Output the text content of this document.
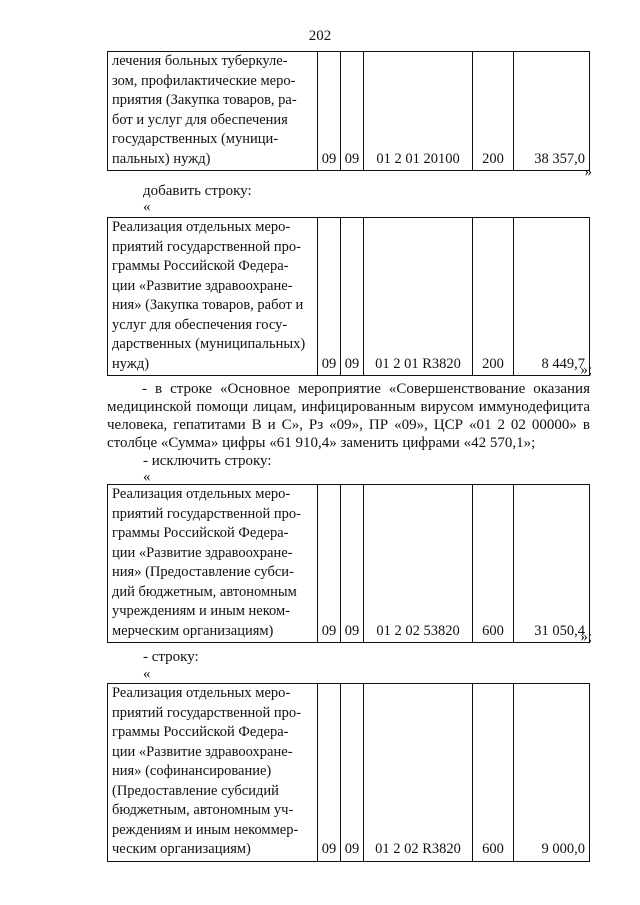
202
лечения больных туберкуле-
зом, профилактические меро-
приятия (Закупка товаров, ра-
бот и услуг для обеспечения
государственных (муници-
пальных) нужд)	09	09	01 2 01 20100	200	38 357,0
»
добавить строку:
«
Реализация отдельных меро-
приятий государственной про-
граммы Российской Федера-
ции «Развитие здравоохране-
ния» (Закупка товаров, работ и
услуг для обеспечения госу-
дарственных (муниципальных)
нужд)	09	09	01 2 01 R3820	200	8 449,7
»;
- в строке «Основное мероприятие «Совершенствование оказания
медицинской помощи лицам, инфицированным вирусом иммунодефицита
человека, гепатитами В и С», Рз «09», ПР «09», ЦСР «01 2 02 00000» в
столбце «Сумма» цифры «61 910,4» заменить цифрами «42 570,1»;
- исключить строку:
«
Реализация отдельных меро-
приятий государственной про-
граммы Российской Федера-
ции «Развитие здравоохране-
ния» (Предоставление субси-
дий бюджетным, автономным
учреждениям и иным неком-
мерческим организациям)	09	09	01 2 02 53820	600	31 050,4
»;
- строку:
«
Реализация отдельных меро-
приятий государственной про-
граммы Российской Федера-
ции «Развитие здравоохране-
ния» (софинансирование)
(Предоставление субсидий
бюджетным, автономным уч-
реждениям и иным некоммер-
ческим организациям)	09	09	01 2 02 R3820	600	9 000,0
